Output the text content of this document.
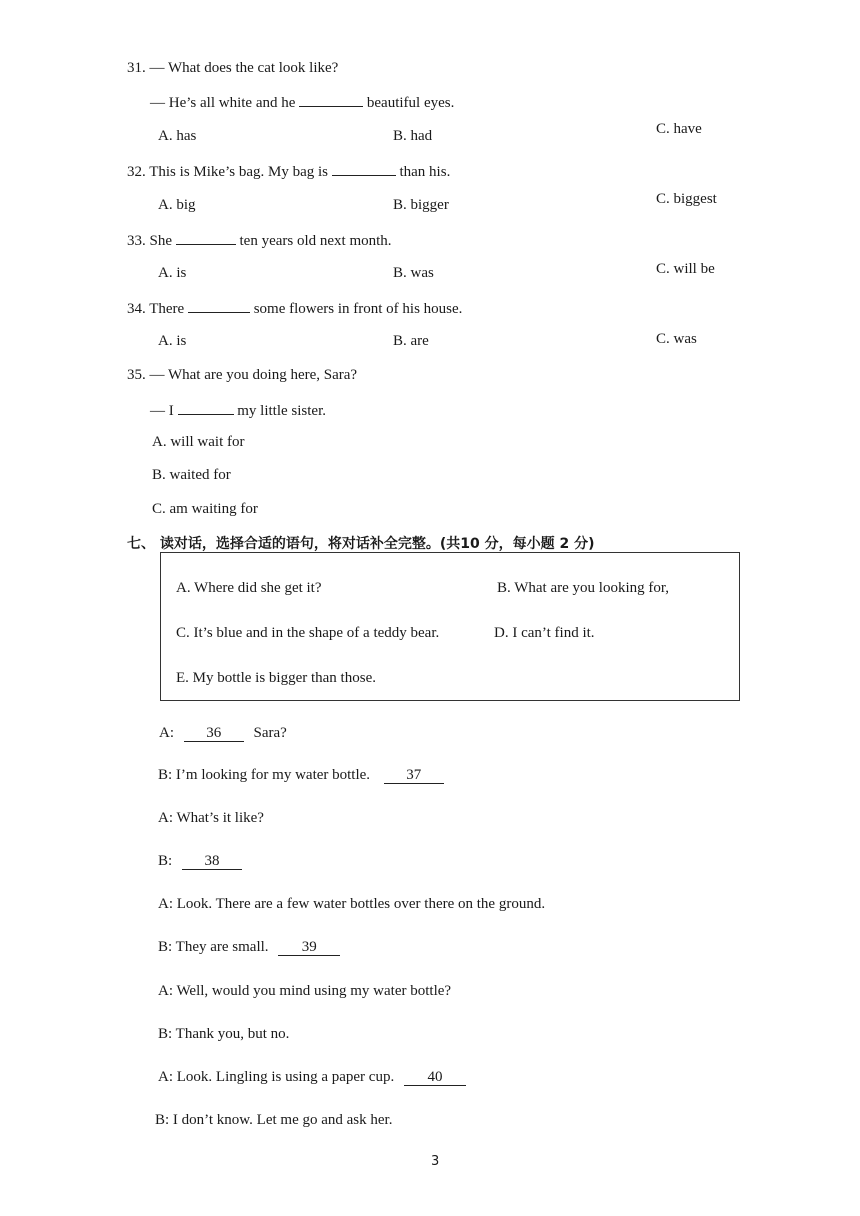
31. — What does the cat look like?
— He’s all white and he	beautiful eyes.
A. has	B. had	C. have
32. This is Mike’s bag. My bag is	than his.
A. big	B. bigger	C. biggest
33. She	ten years old next month.
A. is	B. was	C. will be
34. There	some flowers in front of his house.
A. is	B. are	C. was
35. — What are you doing here, Sara?
— I	my little sister.
A. will wait for
B. waited for
C. am waiting for
七、 读对话，选择合适的语句，将对话补全完整。(共10 分，每小题 2 分)
A. Where did she get it?	B. What are you looking for,
C. It’s blue and in the shape of a teddy bear.	D. I can’t find it.
E. My bottle is bigger than those.
A: 36 Sara?
B: I’m looking for my water bottle. 37
A: What’s it like?
B: 38
A: Look. There are a few water bottles over there on the ground.
B: They are small. 39
A: Well, would you mind using my water bottle?
B: Thank you, but no.
A: Look. Lingling is using a paper cup. 40
B: I don’t know. Let me go and ask her.
3
